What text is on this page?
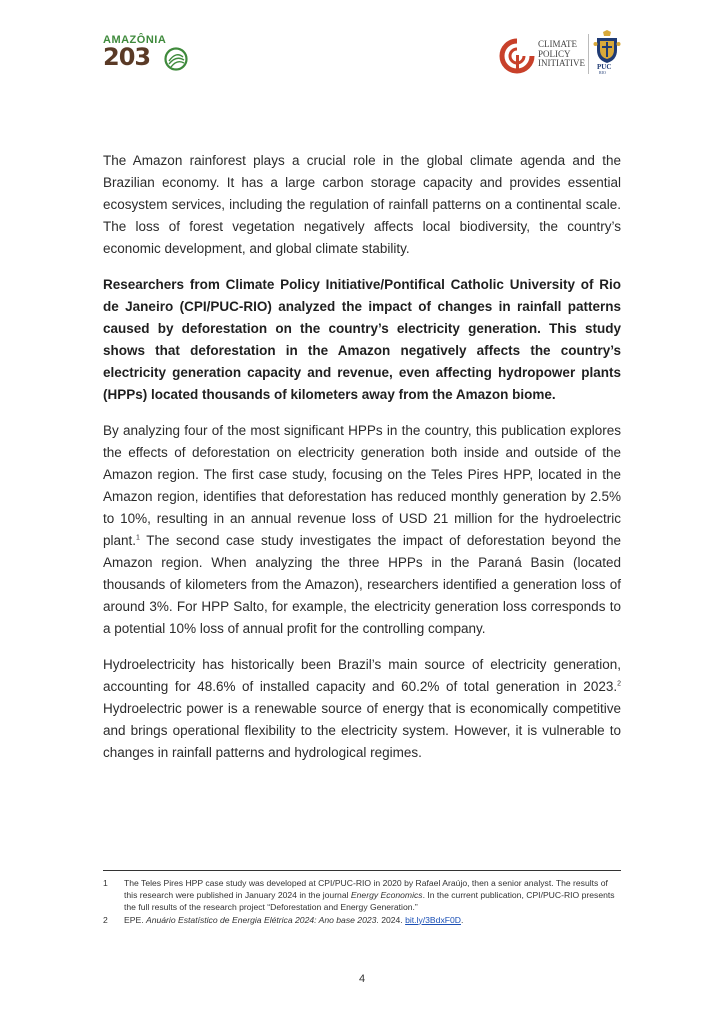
AMAZÔNIA
203	CLIMATE
POLICY
INITIATIVE PUC
RIO

The Amazon rainforest plays a crucial role in the global climate agenda and the Brazilian economy. It has a large carbon storage capacity and provides essential ecosystem services, including the regulation of rainfall patterns on a continental scale. The loss of forest vegetation negatively affects local biodiversity, the country’s economic development, and global climate stability.

Researchers from Climate Policy Initiative/Pontifical Catholic University of Rio de Janeiro (CPI/PUC-RIO) analyzed the impact of changes in rainfall patterns caused by deforestation on the country’s electricity generation. This study shows that deforestation in the Amazon negatively affects the country’s electricity generation capacity and revenue, even affecting hydropower plants (HPPs) located thousands of kilometers away from the Amazon biome.

By analyzing four of the most significant HPPs in the country, this publication explores the effects of deforestation on electricity generation both inside and outside of the Amazon region. The first case study, focusing on the Teles Pires HPP, located in the Amazon region, identifies that deforestation has reduced monthly generation by 2.5% to 10%, resulting in an annual revenue loss of USD 21 million for the hydroelectric plant.$^1$ The second case study investigates the impact of deforestation beyond the Amazon region. When analyzing the three HPPs in the Paraná Basin (located thousands of kilometers from the Amazon), researchers identified a generation loss of around 3%. For HPP Salto, for example, the electricity generation loss corresponds to a potential 10% loss of annual profit for the controlling company.

Hydroelectricity has historically been Brazil’s main source of electricity generation, accounting for 48.6% of installed capacity and 60.2% of total generation in 2023.$^2$ Hydroelectric power is a renewable source of energy that is economically competitive and brings operational flexibility to the electricity system. However, it is vulnerable to changes in rainfall patterns and hydrological regimes.

1 The Teles Pires HPP case study was developed at CPI/PUC-RIO in 2020 by Rafael Araújo, then a senior analyst. The results of this research were published in January 2024 in the journal Energy Economics. In the current publication, CPI/PUC-RIO presents the full results of the research project “Deforestation and Energy Generation.”
2 EPE. Anuário Estatístico de Energia Elétrica 2024: Ano base 2023. 2024. bit.ly/3BdxF0D.
4
